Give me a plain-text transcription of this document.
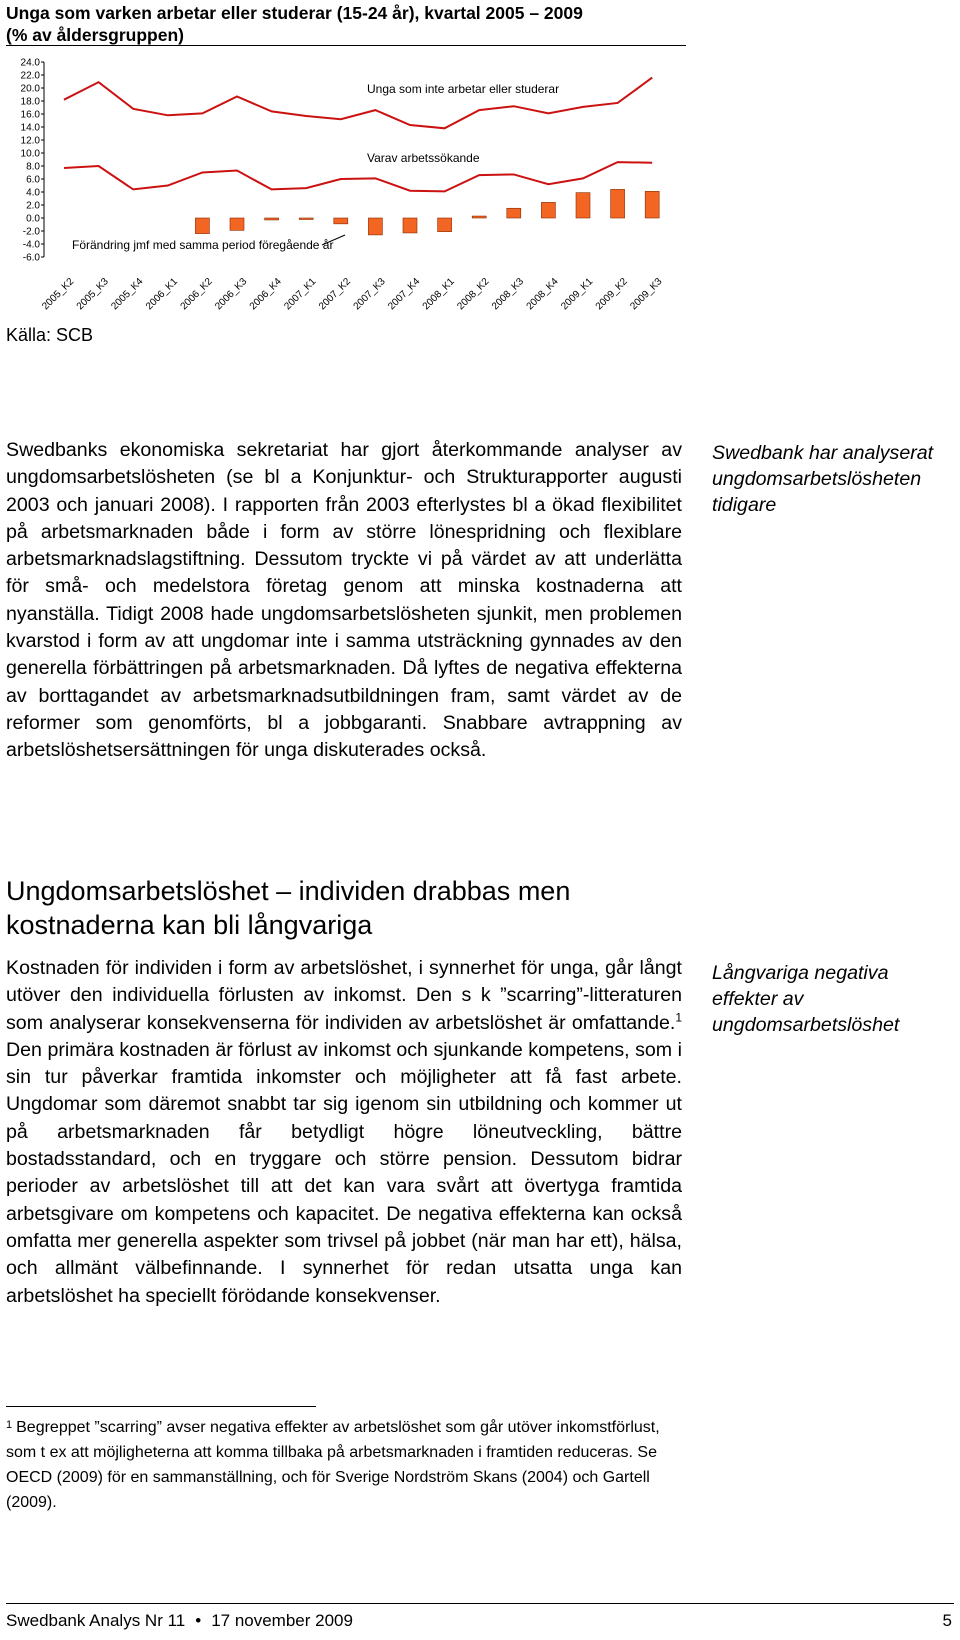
Unga som varken arbetar eller studerar (15-24 år), kvartal 2005 – 2009
(% av åldersgruppen)
24.0
22.0
20.0
18.0
16.0
14.0
12.0
10.0
8.0
6.0
4.0
2.0
0.0
-2.0
-4.0
-6.0
Unga som inte arbetar eller studerar
Varav arbetssökande
Förändring jmf med samma period föregående år
2005_K2
2005_K3
2005_K4
2006_K1
2006_K2
2006_K3
2006_K4
2007_K1
2007_K2
2007_K3
2007_K4
2008_K1
2008_K2
2008_K3
2008_K4
2009_K1
2009_K2
2009_K3
Källa: SCB

Swedbanks ekonomiska sekretariat har gjort återkommande analyser av ungdomsarbetslösheten (se bl a Konjunktur- och Strukturapporter augusti 2003 och januari 2008). I rapporten från 2003 efterlystes bl a ökad flexibilitet på arbetsmarknaden både i form av större lönespridning och flexiblare arbetsmarknadslagstiftning. Dessutom tryckte vi på värdet av att underlätta för små- och medelstora företag genom att minska kostnaderna att nyanställa. Tidigt 2008 hade ungdomsarbetslösheten sjunkit, men problemen kvarstod i form av att ungdomar inte i samma utsträckning gynnades av den generella förbättringen på arbetsmarknaden. Då lyftes de negativa effekterna av borttagandet av arbetsmarknadsutbildningen fram, samt värdet av de reformer som genomförts, bl a jobbgaranti. Snabbare avtrappning av arbetslöshetsersättningen för unga diskuterades också.

Swedbank har analyserat ungdomsarbetslösheten tidigare
Ungdomsarbetslöshet – individen drabbas men kostnaderna kan bli långvariga

Kostnaden för individen i form av arbetslöshet, i synnerhet för unga, går långt utöver den individuella förlusten av inkomst. Den s k ”scarring”-litteraturen som analyserar konsekvenserna för individen av arbetslöshet är omfattande.$^1$ Den primära kostnaden är förlust av inkomst och sjunkande kompetens, som i sin tur påverkar framtida inkomster och möjligheter att få fast arbete. Ungdomar som däremot snabbt tar sig igenom sin utbildning och kommer ut på arbetsmarknaden får betydligt högre löneutveckling, bättre bostadsstandard, och en tryggare och större pension. Dessutom bidrar perioder av arbetslöshet till att det kan vara svårt att övertyga framtida arbetsgivare om kompetens och kapacitet. De negativa effekterna kan också omfatta mer generella aspekter som trivsel på jobbet (när man har ett), hälsa, och allmänt välbefinnande. I synnerhet för redan utsatta unga kan arbetslöshet ha speciellt förödande konsekvenser.

Långvariga negativa effekter av ungdomsarbetslöshet
$^1$ Begreppet ”scarring” avser negativa effekter av arbetslöshet som går utöver inkomstförlust, som t ex att möjligheterna att komma tillbaka på arbetsmarknaden i framtiden reduceras. Se OECD (2009) för en sammanställning, och för Sverige Nordström Skans (2004) och Gartell (2009).
Swedbank Analys Nr 11 • 17 november 2009	5
